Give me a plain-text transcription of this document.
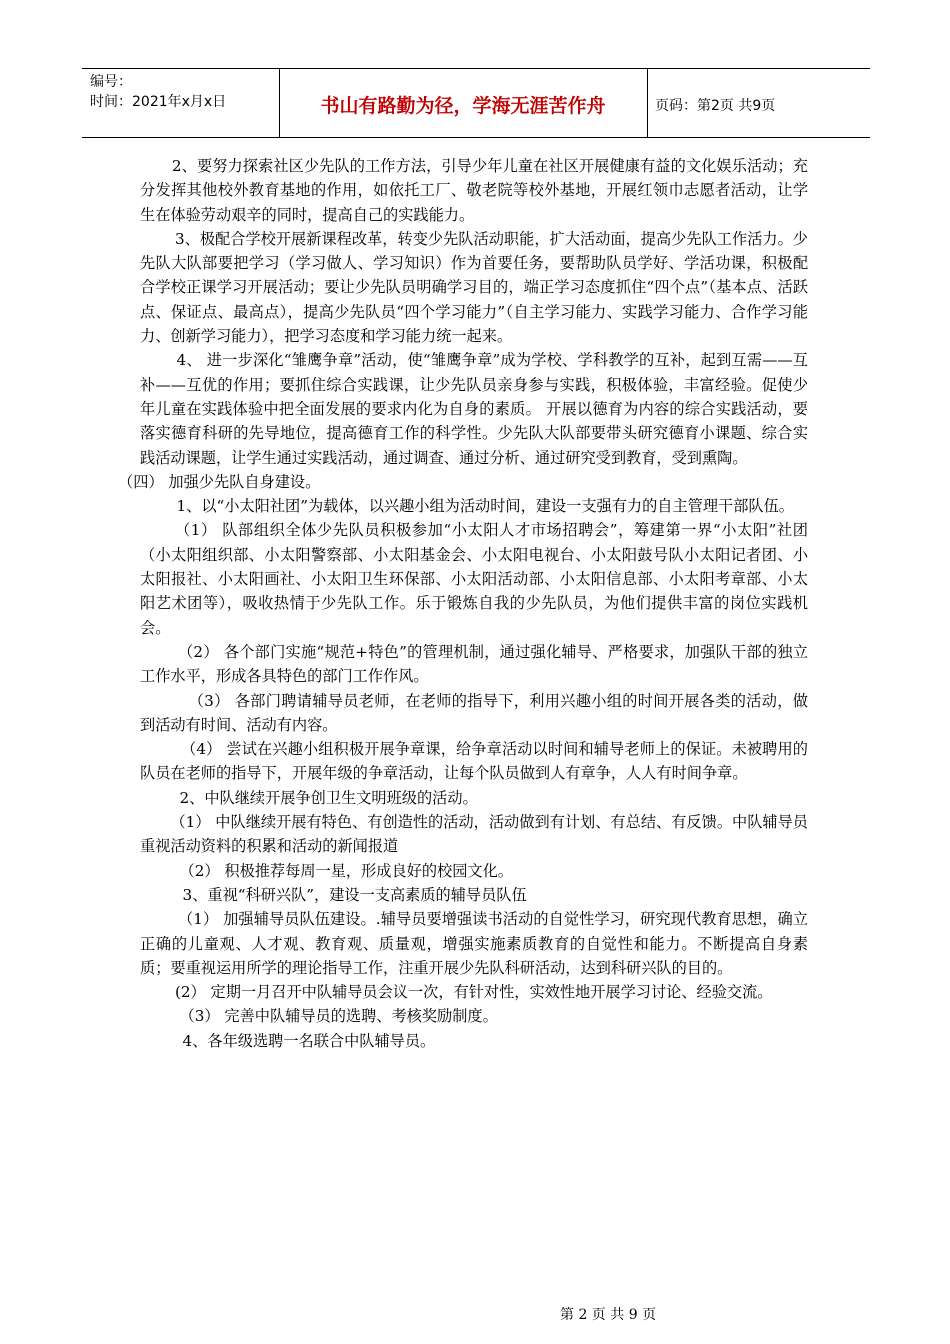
编号：
时间：2021年x月x日	书山有路勤为径，学海无涯苦作舟	页码：第2页 共9页

2、要努力探索社区少先队的工作方法，引导少年儿童在社区开展健康有益的文化娱乐活动；充分发挥其他校外教育基地的作用，如依托工厂、敬老院等校外基地，开展红领巾志愿者活动，让学生在体验劳动艰辛的同时，提高自己的实践能力。

3、极配合学校开展新课程改革，转变少先队活动职能，扩大活动面，提高少先队工作活力。少先队大队部要把学习（学习做人、学习知识）作为首要任务，要帮助队员学好、学活功课，积极配合学校正课学习开展活动；要让少先队员明确学习目的，端正学习态度抓住“四个点”（基本点、活跃点、保证点、最高点），提高少先队员“四个学习能力”（自主学习能力、实践学习能力、合作学习能力、创新学习能力），把学习态度和学习能力统一起来。

4、 进一步深化“雏鹰争章”活动，使“雏鹰争章”成为学校、学科教学的互补，起到互需——互补——互优的作用；要抓住综合实践课，让少先队员亲身参与实践，积极体验，丰富经验。促使少年儿童在实践体验中把全面发展的要求内化为自身的素质。 开展以德育为内容的综合实践活动，要落实德育科研的先导地位，提高德育工作的科学性。少先队大队部要带头研究德育小课题、综合实践活动课题，让学生通过实践活动，通过调查、通过分析、通过研究受到教育，受到熏陶。

（四） 加强少先队自身建设。

1、以“小太阳社团”为载体，以兴趣小组为活动时间，建设一支强有力的自主管理干部队伍。

（1） 队部组织全体少先队员积极参加“小太阳人才市场招聘会”，筹建第一界“小太阳”社团（小太阳组织部、小太阳警察部、小太阳基金会、小太阳电视台、小太阳鼓号队小太阳记者团、小太阳报社、小太阳画社、小太阳卫生环保部、小太阳活动部、小太阳信息部、小太阳考章部、小太阳艺术团等），吸收热情于少先队工作。乐于锻炼自我的少先队员，为他们提供丰富的岗位实践机会。

（2） 各个部门实施“规范+特色”的管理机制，通过强化辅导、严格要求，加强队干部的独立工作水平，形成各具特色的部门工作作风。

（3） 各部门聘请辅导员老师，在老师的指导下，利用兴趣小组的时间开展各类的活动，做到活动有时间、活动有内容。

（4） 尝试在兴趣小组积极开展争章课，给争章活动以时间和辅导老师上的保证。未被聘用的队员在老师的指导下，开展年级的争章活动，让每个队员做到人有章争，人人有时间争章。

2、中队继续开展争创卫生文明班级的活动。

（1） 中队继续开展有特色、有创造性的活动，活动做到有计划、有总结、有反馈。中队辅导员重视活动资料的积累和活动的新闻报道

（2） 积极推荐每周一星，形成良好的校园文化。

3、重视“科研兴队”，建设一支高素质的辅导员队伍

（1） 加强辅导员队伍建设。.辅导员要增强读书活动的自觉性学习，研究现代教育思想，确立正确的儿童观、人才观、教育观、质量观，增强实施素质教育的自觉性和能力。不断提高自身素质；要重视运用所学的理论指导工作，注重开展少先队科研活动，达到科研兴队的目的。

(2） 定期一月召开中队辅导员会议一次，有针对性，实效性地开展学习讨论、经验交流。

（3） 完善中队辅导员的选聘、考核奖励制度。

4、各年级选聘一名联合中队辅导员。

第 2 页 共 9 页
